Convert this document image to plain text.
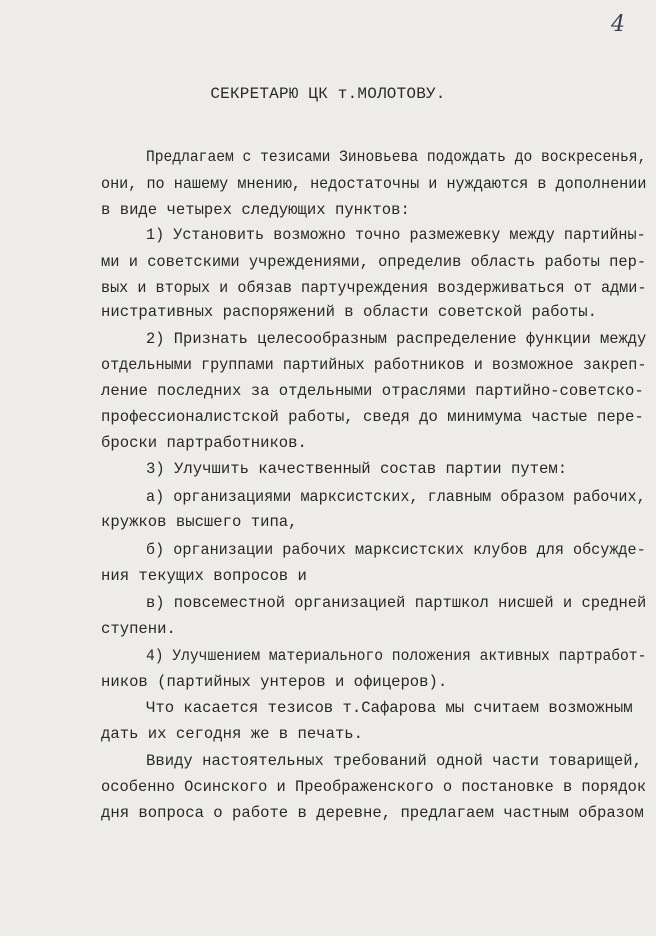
4
СЕКРЕТАРЮ ЦК т.МОЛОТОВУ.
Предлагаем с тезисами Зиновьева подождать до воскресенья,
они, по нашему мнению, недостаточны и нуждаются в дополнении
в виде четырех следующих пунктов:
1) Установить возможно точно размежевку между партийны-
ми и советскими учреждениями, определив область работы пер-
вых и вторых и обязав партучреждения воздерживаться от адми-
нистративных распоряжений в области советской работы.
2) Признать целесообразным распределение функции между
отдельными группами партийных работников и возможное закреп-
ление последних за отдельными отраслями партийно-советско-
профессионалистской работы, сведя до минимума частые пере-
броски партработников.
3) Улучшить качественный состав партии путем:
а) организациями марксистских, главным образом рабочих,
кружков высшего типа,
б) организации рабочих марксистских клубов для обсужде-
ния текущих вопросов и
в) повсеместной организацией партшкол нисшей и средней
ступени.
4) Улучшением материального положения активных партрабoт-
ников (партийных унтеров и офицеров).
Что касается тезисов т.Сафарова мы считаем возможным
дать их сегодня же в печать.
Ввиду настоятельных требований одной части товарищей,
особенно Осинского и Преображенского о постановке в порядок
дня вопроса о работе в деревне, предлагаем частным образом
